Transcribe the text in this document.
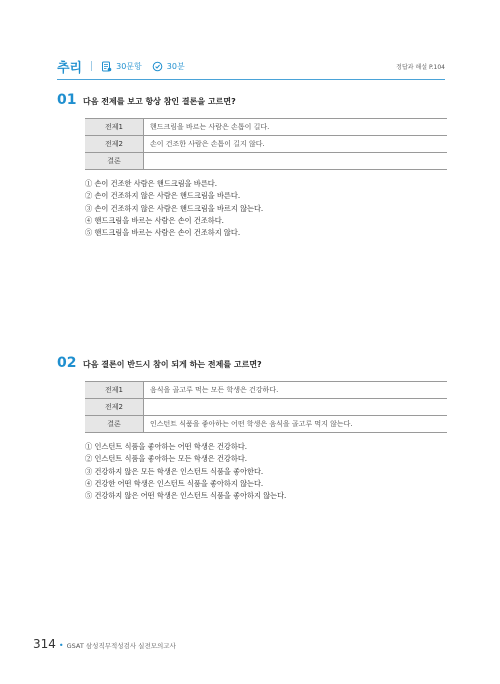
추리	30문항	30분	정답과 해설 P.104
01 다음 전제를 보고 항상 참인 결론을 고르면?
전제1	핸드크림을 바르는 사람은 손톱이 길다.
전제2	손이 건조한 사람은 손톱이 길지 않다.
결론	
① 손이 건조한 사람은 핸드크림을 바른다.
② 손이 건조하지 않은 사람은 핸드크림을 바른다.
③ 손이 건조하지 않은 사람은 핸드크림을 바르지 않는다.
④ 핸드크림을 바르는 사람은 손이 건조하다.
⑤ 핸드크림을 바르는 사람은 손이 건조하지 않다.
02 다음 결론이 반드시 참이 되게 하는 전제를 고르면?
전제1	음식을 골고루 먹는 모든 학생은 건강하다.
전제2	
결론	인스턴트 식품을 좋아하는 어떤 학생은 음식을 골고루 먹지 않는다.
① 인스턴트 식품을 좋아하는 어떤 학생은 건강하다.
② 인스턴트 식품을 좋아하는 모든 학생은 건강하다.
③ 건강하지 않은 모든 학생은 인스턴트 식품을 좋아한다.
④ 건강한 어떤 학생은 인스턴트 식품을 좋아하지 않는다.
⑤ 건강하지 않은 어떤 학생은 인스턴트 식품을 좋아하지 않는다.
314 • GSAT 삼성직무적성검사 실전모의고사
